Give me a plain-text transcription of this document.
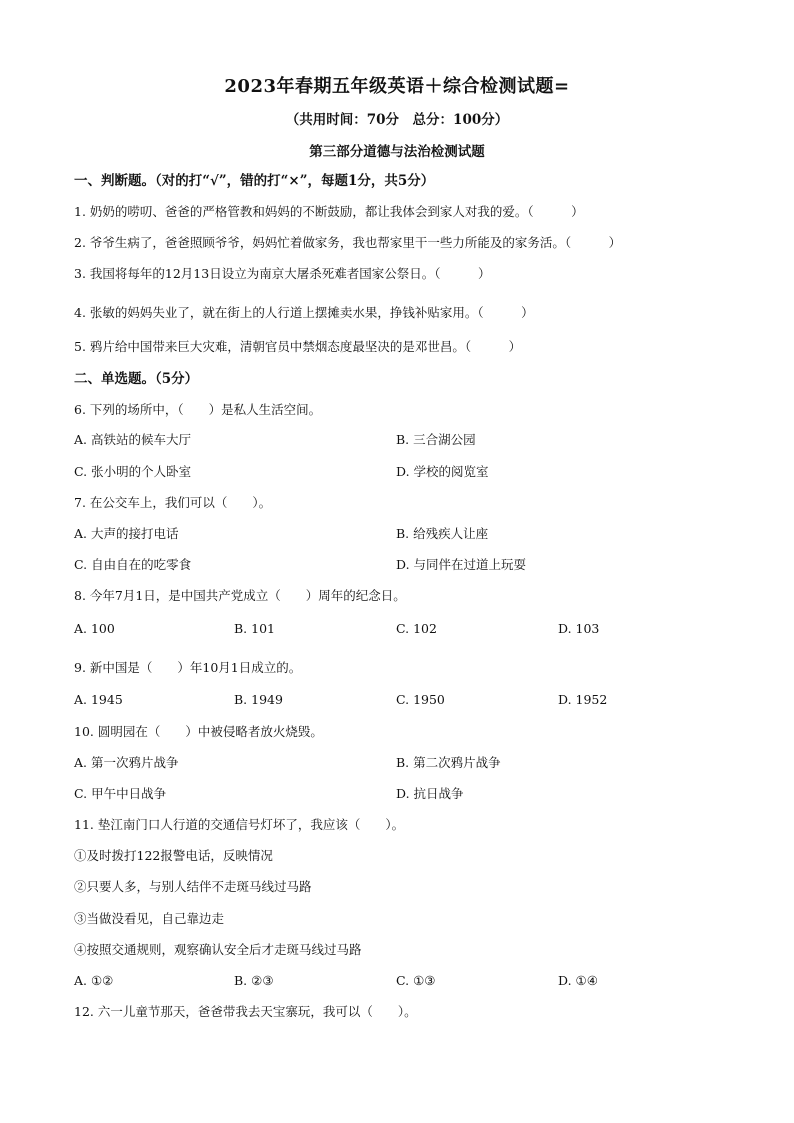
2023年春期五年级英语＋综合检测试题=
（共用时间：70分　总分：100分）
第三部分道德与法治检测试题
一、判断题。（对的打“√”，错的打“×”，每题1分，共5分）
1. 奶奶的唠叨、爸爸的严格管教和妈妈的不断鼓励，都让我体会到家人对我的爱。（　　　）
2. 爷爷生病了，爸爸照顾爷爷，妈妈忙着做家务，我也帮家里干一些力所能及的家务活。（　　　）
3. 我国将每年的12月13日设立为南京大屠杀死难者国家公祭日。（　　　）
4. 张敏的妈妈失业了，就在街上的人行道上摆摊卖水果，挣钱补贴家用。（　　　）
5. 鸦片给中国带来巨大灾难，清朝官员中禁烟态度最坚决的是邓世昌。（　　　）
二、单选题。（5分）
6. 下列的场所中，（　　）是私人生活空间。
A. 高铁站的候车大厅	B. 三合湖公园
C. 张小明的个人卧室	D. 学校的阅览室
7. 在公交车上，我们可以（　　）。
A. 大声的接打电话	B. 给残疾人让座
C. 自由自在的吃零食	D. 与同伴在过道上玩耍
8. 今年7月1日，是中国共产党成立（　　）周年的纪念日。
A. 100	B. 101	C. 102	D. 103
9. 新中国是（　　）年10月1日成立的。
A. 1945	B. 1949	C. 1950	D. 1952
10. 圆明园在（　　）中被侵略者放火烧毁。
A. 第一次鸦片战争	B. 第二次鸦片战争
C. 甲午中日战争	D. 抗日战争
11. 垫江南门口人行道的交通信号灯坏了，我应该（　　）。
①及时拨打122报警电话，反映情况
②只要人多，与别人结伴不走斑马线过马路
③当做没看见，自己靠边走
④按照交通规则，观察确认安全后才走斑马线过马路
A. ①②	B. ②③	C. ①③	D. ①④
12. 六一儿童节那天，爸爸带我去天宝寨玩，我可以（　　）。
